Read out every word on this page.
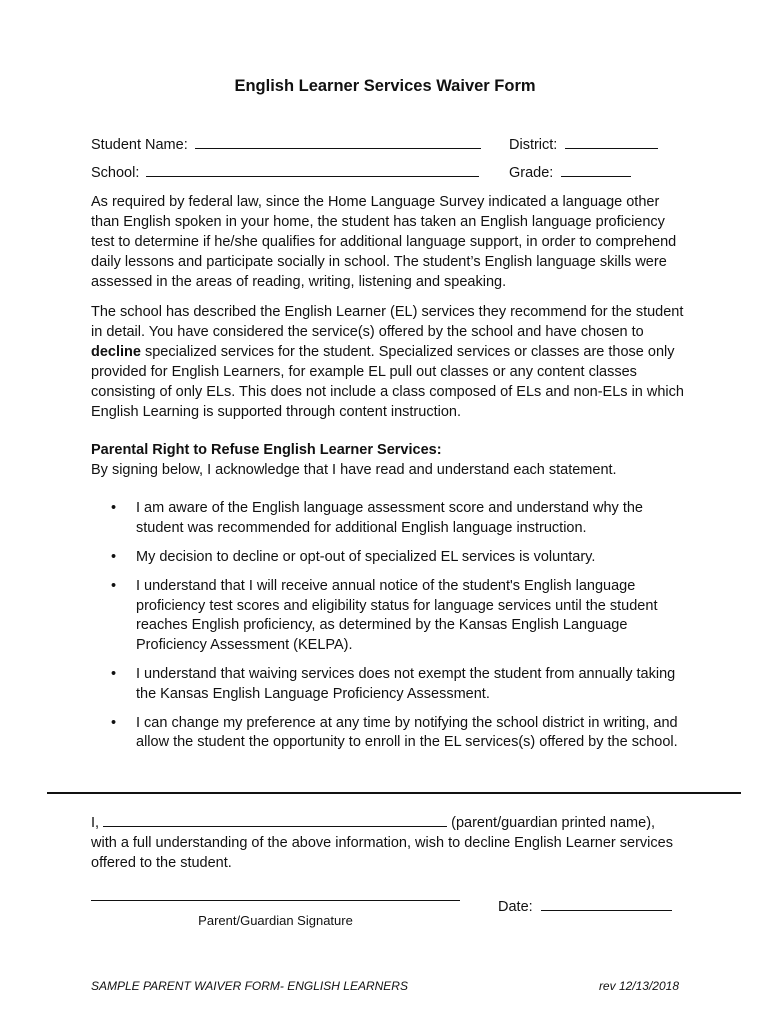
English Learner Services Waiver Form
Student Name:	District:
School:	Grade:

As required by federal law, since the Home Language Survey indicated a language other than English spoken in your home, the student has taken an English language proficiency test to determine if he/she qualifies for additional language support, in order to comprehend daily lessons and participate socially in school. The student’s English language skills were assessed in the areas of reading, writing, listening and speaking.

The school has described the English Learner (EL) services they recommend for the student in detail. You have considered the service(s) offered by the school and have chosen to decline specialized services for the student. Specialized services or classes are those only provided for English Learners, for example EL pull out classes or any content classes consisting of only ELs. This does not include a class composed of ELs and non-ELs in which English Learning is supported through content instruction.

Parental Right to Refuse English Learner Services:

By signing below, I acknowledge that I have read and understand each statement.

• I am aware of the English language assessment score and understand why the student was recommended for additional English language instruction.
• My decision to decline or opt-out of specialized EL services is voluntary.
• I understand that I will receive annual notice of the student's English language proficiency test scores and eligibility status for language services until the student reaches English proficiency, as determined by the Kansas English Language Proficiency Assessment (KELPA).
• I understand that waiving services does not exempt the student from annually taking the Kansas English Language Proficiency Assessment.
• I can change my preference at any time by notifying the school district in writing, and allow the student the opportunity to enroll in the EL services(s) offered by the school.
I,	(parent/guardian printed name),

with a full understanding of the above information, wish to decline English Learner services offered to the student.

Parent/Guardian Signature
Date:
SAMPLE PARENT WAIVER FORM- ENGLISH LEARNERS	rev 12/13/2018
